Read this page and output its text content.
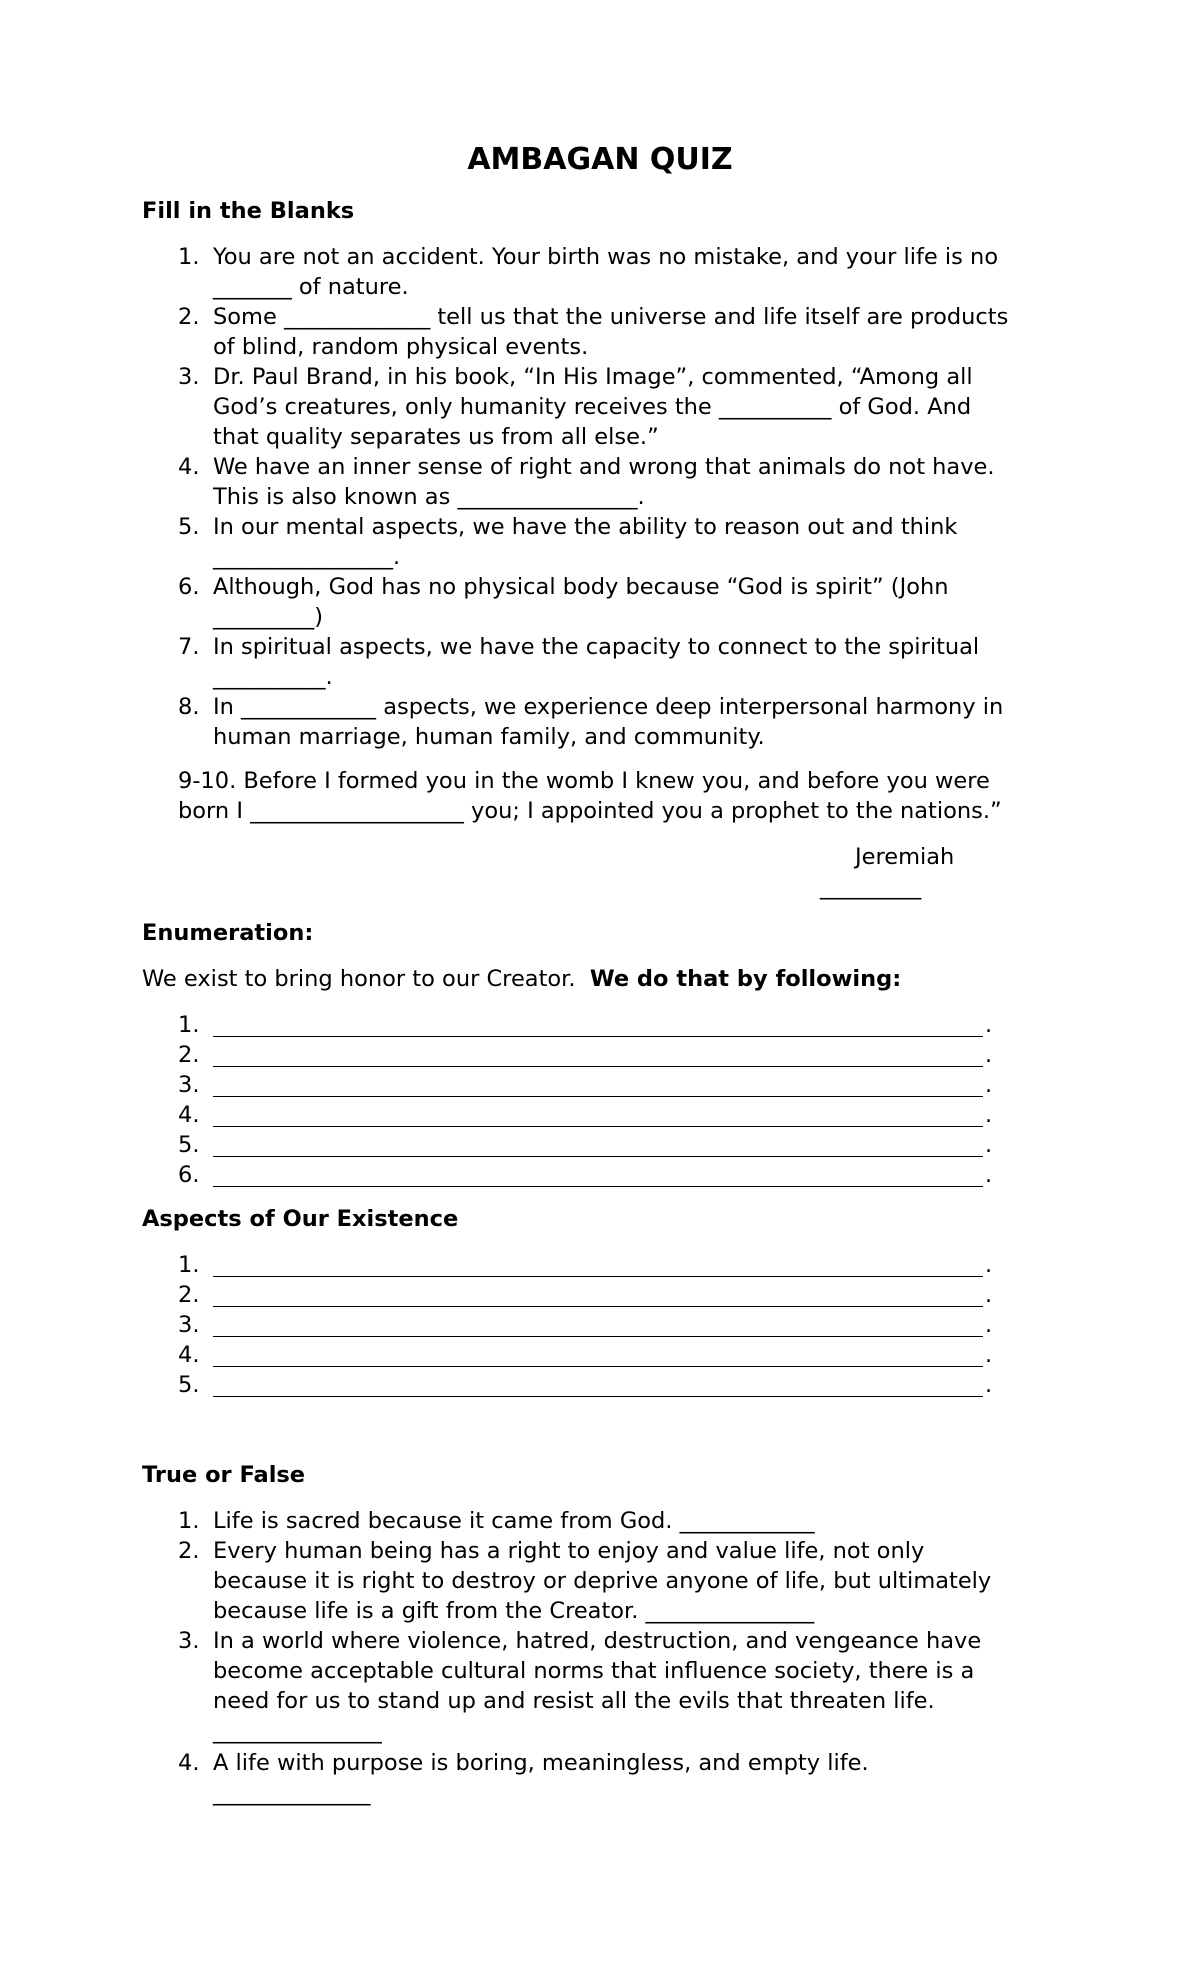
AMBAGAN QUIZ
Fill in the Blanks
1. You are not an accident. Your birth was no mistake, and your life is no
_______ of nature.
2. Some _____________ tell us that the universe and life itself are products
of blind, random physical events.
3. Dr. Paul Brand, in his book, “In His Image”, commented, “Among all
God’s creatures, only humanity receives the __________ of God. And
that quality separates us from all else.”
4. We have an inner sense of right and wrong that animals do not have.
This is also known as ________________.
5. In our mental aspects, we have the ability to reason out and think
________________.
6. Although, God has no physical body because “God is spirit” (John
_________)
7. In spiritual aspects, we have the capacity to connect to the spiritual
__________.
8. In ____________ aspects, we experience deep interpersonal harmony in
human marriage, human family, and community.
9-10. Before I formed you in the womb I knew you, and before you were
born I ___________________ you; I appointed you a prophet to the nations.”
Jeremiah
_________
Enumeration:
We exist to bring honor to our Creator.  We do that by following:
1.	.
2.	.
3.	.
4.	.
5.	.
6.	.
Aspects of Our Existence
1.	.
2.	.
3.	.
4.	.
5.	.
True or False
1. Life is sacred because it came from God. ____________
2. Every human being has a right to enjoy and value life, not only
because it is right to destroy or deprive anyone of life, but ultimately
because life is a gift from the Creator. _______________
3. In a world where violence, hatred, destruction, and vengeance have
become acceptable cultural norms that influence society, there is a
need for us to stand up and resist all the evils that threaten life.
_______________
4. A life with purpose is boring, meaningless, and empty life.
______________
